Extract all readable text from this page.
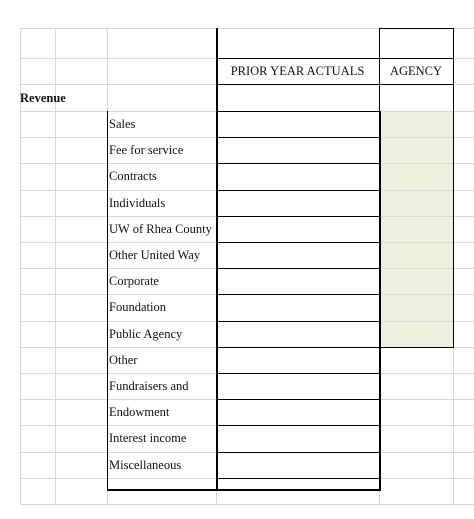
PRIOR YEAR ACTUALS	AGENCY
Revenue
Sales
Fee for service
Contracts
Individuals
UW of Rhea County
Other United Way
Corporate
Foundation
Public Agency
Other
Fundraisers and
Endowment
Interest income
Miscellaneous
